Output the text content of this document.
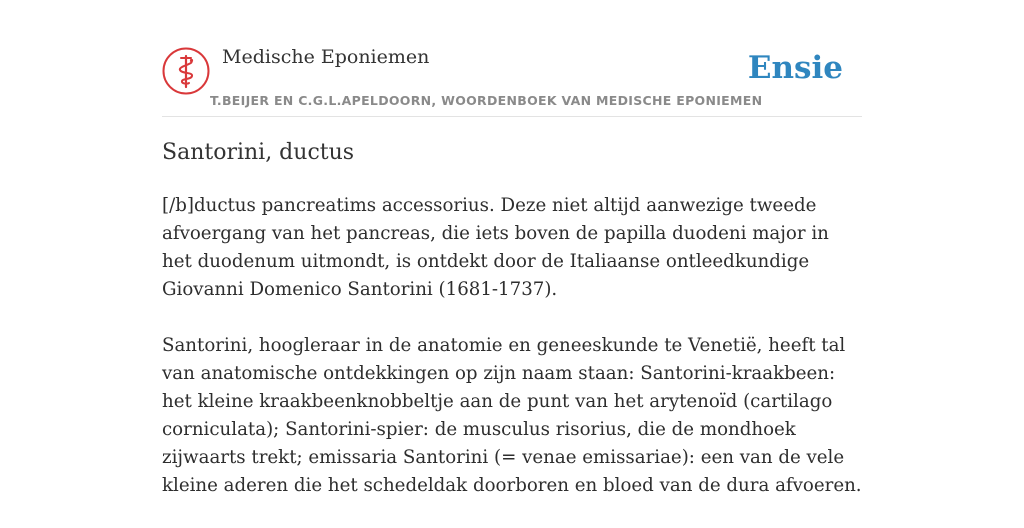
Medische Eponiemen
T.BEIJER EN C.G.L.APELDOORN, WOORDENBOEK VAN MEDISCHE EPONIEMEN
Ensie
Santorini, ductus

[/b]ductus pancreatims accessorius. Deze niet altijd aanwezige tweede afvoergang van het pancreas, die iets boven de papilla duodeni major in het duodenum uitmondt, is ontdekt door de Italiaanse ontleedkundige Giovanni Domenico Santorini (1681-1737).

Santorini, hoogleraar in de anatomie en geneeskunde te Venetië, heeft tal van anatomische ontdekkingen op zijn naam staan: Santorini-kraakbeen: het kleine kraakbeenknobbeltje aan de punt van het arytenoïd (cartilago corniculata); Santorini-spier: de musculus risorius, die de mondhoek zijwaarts trekt; emissaria Santorini (= venae emissariae): een van de vele kleine aderen die het schedeldak doorboren en bloed van de dura afvoeren.
